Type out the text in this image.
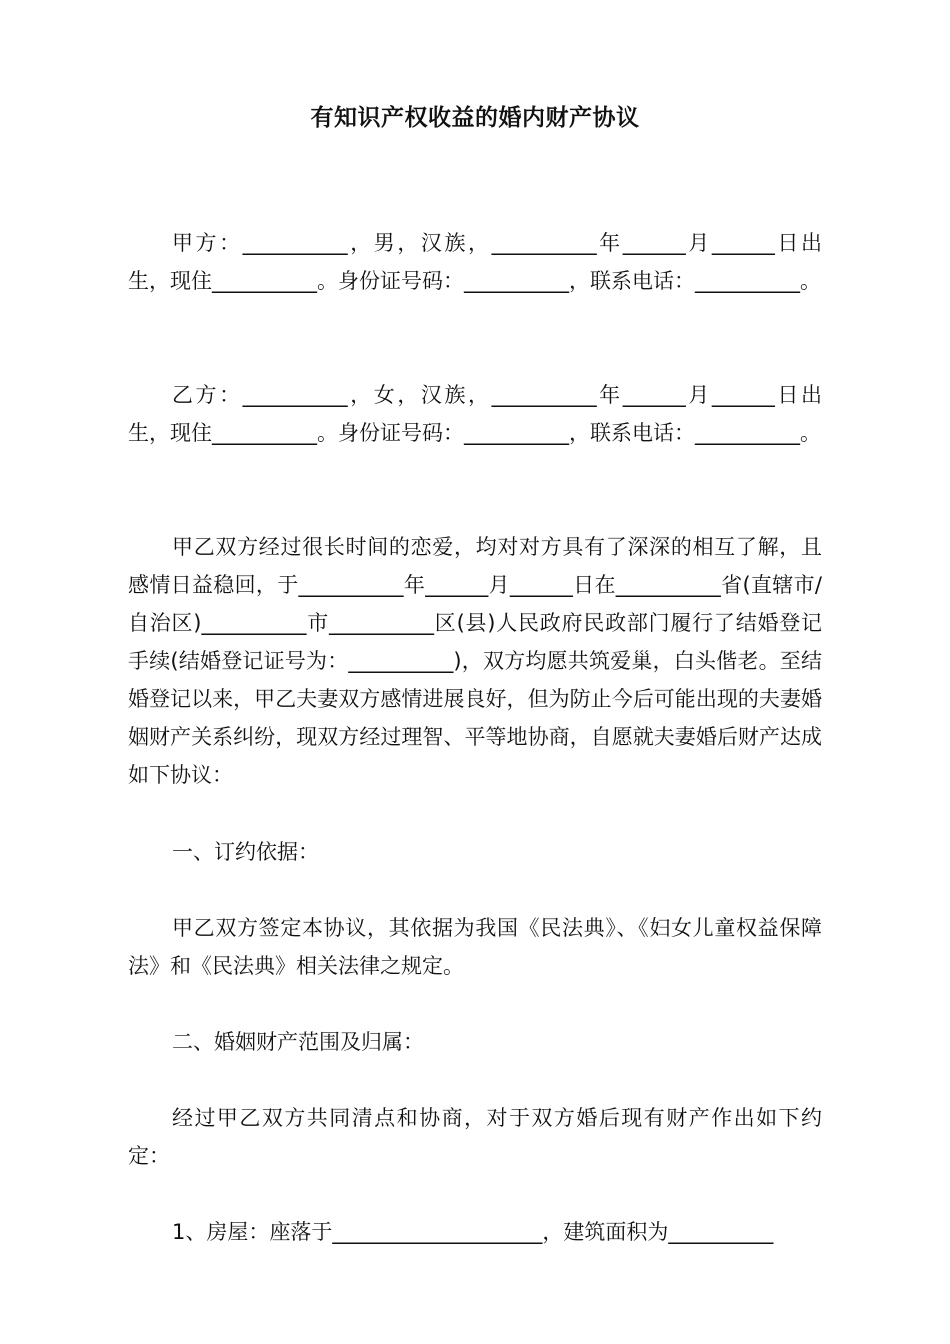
有知识产权收益的婚内财产协议

甲方：__________，男，汉族，__________年______月______日出生，现住__________。身份证号码：__________，联系电话：__________。

乙方：__________，女，汉族，__________年______月______日出生，现住__________。身份证号码：__________，联系电话：__________。

甲乙双方经过很长时间的恋爱，均对对方具有了深深的相互了解，且感情日益稳回，于__________年______月______日在__________省(直辖市/自治区)__________市__________区(县)人民政府民政部门履行了结婚登记手续(结婚登记证号为：__________)，双方均愿共筑爱巢，白头偕老。至结婚登记以来，甲乙夫妻双方感情进展良好，但为防止今后可能出现的夫妻婚姻财产关系纠纷，现双方经过理智、平等地协商，自愿就夫妻婚后财产达成如下协议：

一、订约依据：

甲乙双方签定本协议，其依据为我国《民法典》、《妇女儿童权益保障法》和《民法典》相关法律之规定。

二、婚姻财产范围及归属：

经过甲乙双方共同清点和协商，对于双方婚后现有财产作出如下约定：

1、房屋：座落于____________________，建筑面积为__________
